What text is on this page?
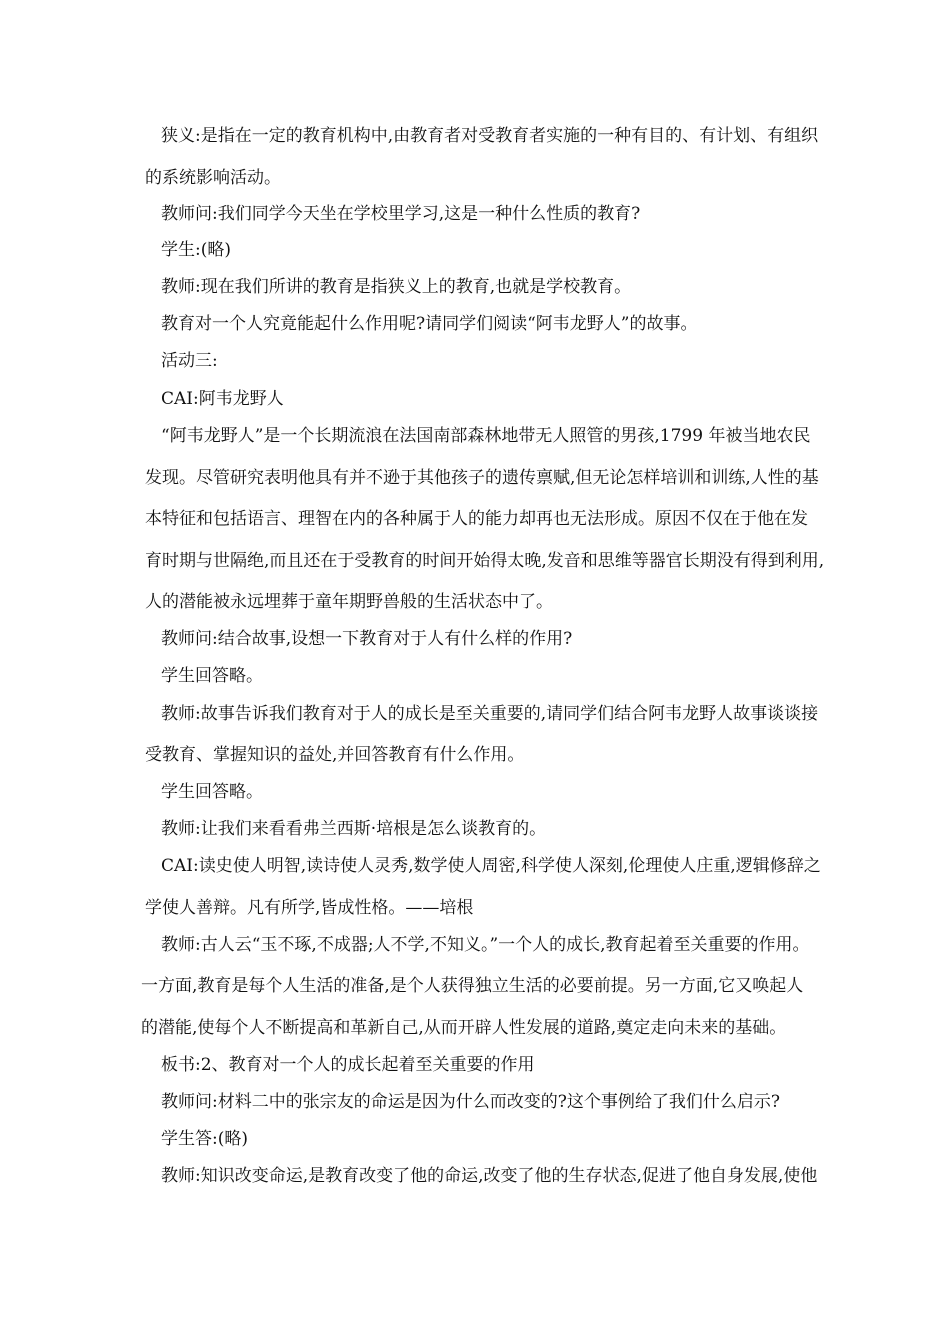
狭义:是指在一定的教育机构中,由教育者对受教育者实施的一种有目的、有计划、有组织
的系统影响活动。
教师问:我们同学今天坐在学校里学习,这是一种什么性质的教育?
学生:(略)
教师:现在我们所讲的教育是指狭义上的教育,也就是学校教育。
教育对一个人究竟能起什么作用呢?请同学们阅读“阿韦龙野人”的故事。
活动三:
CAI:阿韦龙野人
“阿韦龙野人”是一个长期流浪在法国南部森林地带无人照管的男孩,1799 年被当地农民
发现。尽管研究表明他具有并不逊于其他孩子的遗传禀赋,但无论怎样培训和训练,人性的基
本特征和包括语言、理智在内的各种属于人的能力却再也无法形成。原因不仅在于他在发
育时期与世隔绝,而且还在于受教育的时间开始得太晚,发音和思维等器官长期没有得到利用,
人的潜能被永远埋葬于童年期野兽般的生活状态中了。
教师问:结合故事,设想一下教育对于人有什么样的作用?
学生回答略。
教师:故事告诉我们教育对于人的成长是至关重要的,请同学们结合阿韦龙野人故事谈谈接
受教育、掌握知识的益处,并回答教育有什么作用。
学生回答略。
教师:让我们来看看弗兰西斯·培根是怎么谈教育的。
CAI:读史使人明智,读诗使人灵秀,数学使人周密,科学使人深刻,伦理使人庄重,逻辑修辞之
学使人善辩。凡有所学,皆成性格。——培根
教师:古人云“玉不琢,不成器;人不学,不知义。”一个人的成长,教育起着至关重要的作用。
一方面,教育是每个人生活的准备,是个人获得独立生活的必要前提。另一方面,它又唤起人
的潜能,使每个人不断提高和革新自己,从而开辟人性发展的道路,奠定走向未来的基础。
板书:2、教育对一个人的成长起着至关重要的作用
教师问:材料二中的张宗友的命运是因为什么而改变的?这个事例给了我们什么启示?
学生答:(略)
教师:知识改变命运,是教育改变了他的命运,改变了他的生存状态,促进了他自身发展,使他
